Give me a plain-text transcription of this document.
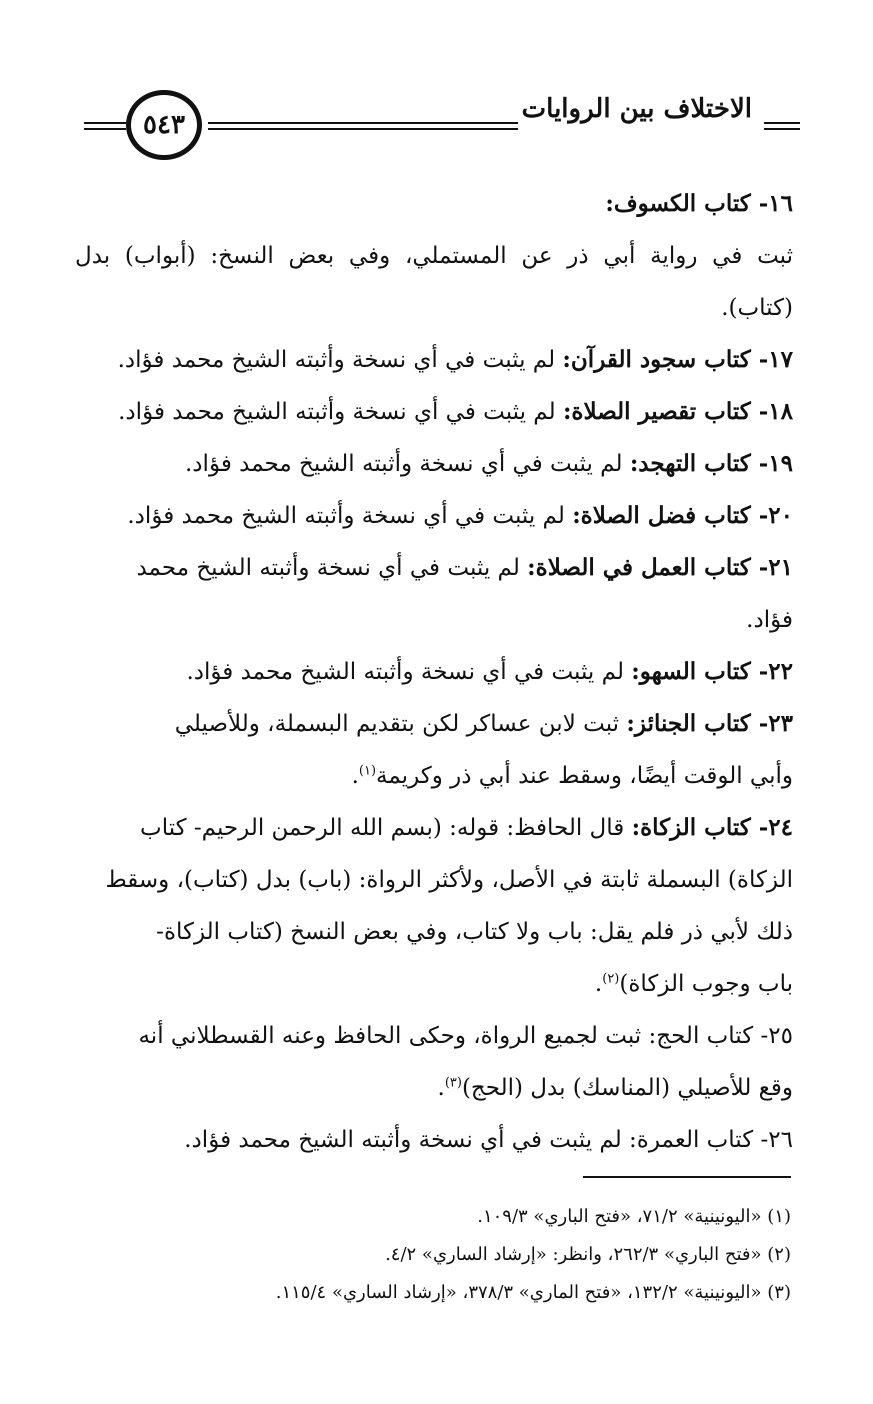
الاختلاف بين الروايات
٥٤٣
١٦- كتاب الكسوف:
ثبت في رواية أبي ذر عن المستملي، وفي بعض النسخ: (أبواب) بدل
(كتاب).
١٧- كتاب سجود القرآن: لم يثبت في أي نسخة وأثبته الشيخ محمد فؤاد.
١٨- كتاب تقصير الصلاة: لم يثبت في أي نسخة وأثبته الشيخ محمد فؤاد.
١٩- كتاب التهجد: لم يثبت في أي نسخة وأثبته الشيخ محمد فؤاد.
٢٠- كتاب فضل الصلاة: لم يثبت في أي نسخة وأثبته الشيخ محمد فؤاد.
٢١- كتاب العمل في الصلاة: لم يثبت في أي نسخة وأثبته الشيخ محمد
فؤاد.
٢٢- كتاب السهو: لم يثبت في أي نسخة وأثبته الشيخ محمد فؤاد.
٢٣- كتاب الجنائز: ثبت لابن عساكر لكن بتقديم البسملة، وللأصيلي
وأبي الوقت أيضًا، وسقط عند أبي ذر وكريمة$^{(١)}$.
٢٤- كتاب الزكاة: قال الحافظ: قوله: (بسم الله الرحمن الرحيم- كتاب
الزكاة) البسملة ثابتة في الأصل، ولأكثر الرواة: (باب) بدل (كتاب)، وسقط
ذلك لأبي ذر فلم يقل: باب ولا كتاب، وفي بعض النسخ (كتاب الزكاة-
باب وجوب الزكاة)$^{(٢)}$.
٢٥- كتاب الحج: ثبت لجميع الرواة، وحكى الحافظ وعنه القسطلاني أنه
وقع للأصيلي (المناسك) بدل (الحج)$^{(٣)}$.
٢٦- كتاب العمرة: لم يثبت في أي نسخة وأثبته الشيخ محمد فؤاد.
(١) «اليونينية» ٧١/٢، «فتح الباري» ١٠٩/٣.
(٢) «فتح الباري» ٢٦٢/٣، وانظر: «إرشاد الساري» ٤/٢.
(٣) «اليونينية» ١٣٢/٢، «فتح الماري» ٣٧٨/٣، «إرشاد الساري» ١١٥/٤.
